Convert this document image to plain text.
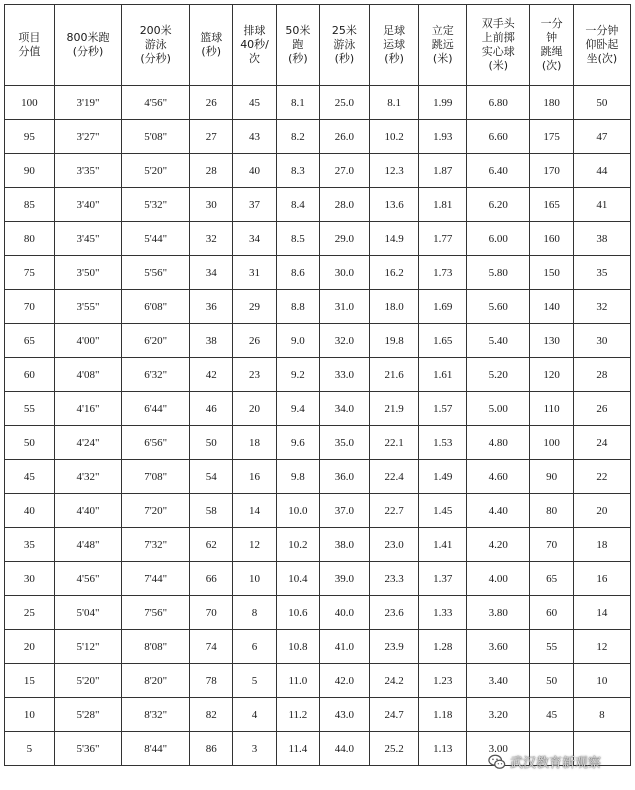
项目
分值	800米跑
(分秒)	200米
游泳
(分秒)	篮球
(秒)	排球
40秒/
次	50米
跑
(秒)	25米
游泳
(秒)	足球
运球
(秒)	立定
跳远
(米)	双手头
上前掷
实心球
(米)	一分
钟
跳绳
(次)	一分钟
仰卧起
坐(次)

100	3'19"	4'56"	26	45	8.1	25.0	8.1	1.99	6.80	180	50
95	3'27"	5'08"	27	43	8.2	26.0	10.2	1.93	6.60	175	47
90	3'35"	5'20"	28	40	8.3	27.0	12.3	1.87	6.40	170	44
85	3'40"	5'32"	30	37	8.4	28.0	13.6	1.81	6.20	165	41
80	3'45"	5'44"	32	34	8.5	29.0	14.9	1.77	6.00	160	38
75	3'50"	5'56"	34	31	8.6	30.0	16.2	1.73	5.80	150	35
70	3'55"	6'08"	36	29	8.8	31.0	18.0	1.69	5.60	140	32
65	4'00"	6'20"	38	26	9.0	32.0	19.8	1.65	5.40	130	30
60	4'08"	6'32"	42	23	9.2	33.0	21.6	1.61	5.20	120	28
55	4'16"	6'44"	46	20	9.4	34.0	21.9	1.57	5.00	110	26
50	4'24"	6'56"	50	18	9.6	35.0	22.1	1.53	4.80	100	24
45	4'32"	7'08"	54	16	9.8	36.0	22.4	1.49	4.60	90	22
40	4'40"	7'20"	58	14	10.0	37.0	22.7	1.45	4.40	80	20
35	4'48"	7'32"	62	12	10.2	38.0	23.0	1.41	4.20	70	18
30	4'56"	7'44"	66	10	10.4	39.0	23.3	1.37	4.00	65	16
25	5'04"	7'56"	70	8	10.6	40.0	23.6	1.33	3.80	60	14
20	5'12"	8'08"	74	6	10.8	41.0	23.9	1.28	3.60	55	12
15	5'20"	8'20"	78	5	11.0	42.0	24.2	1.23	3.40	50	10
10	5'28"	8'32"	82	4	11.2	43.0	24.7	1.18	3.20	45	8
5	5'36"	8'44"	86	3	11.4	44.0	25.2	1.13	3.00		
武汉教育新观察
